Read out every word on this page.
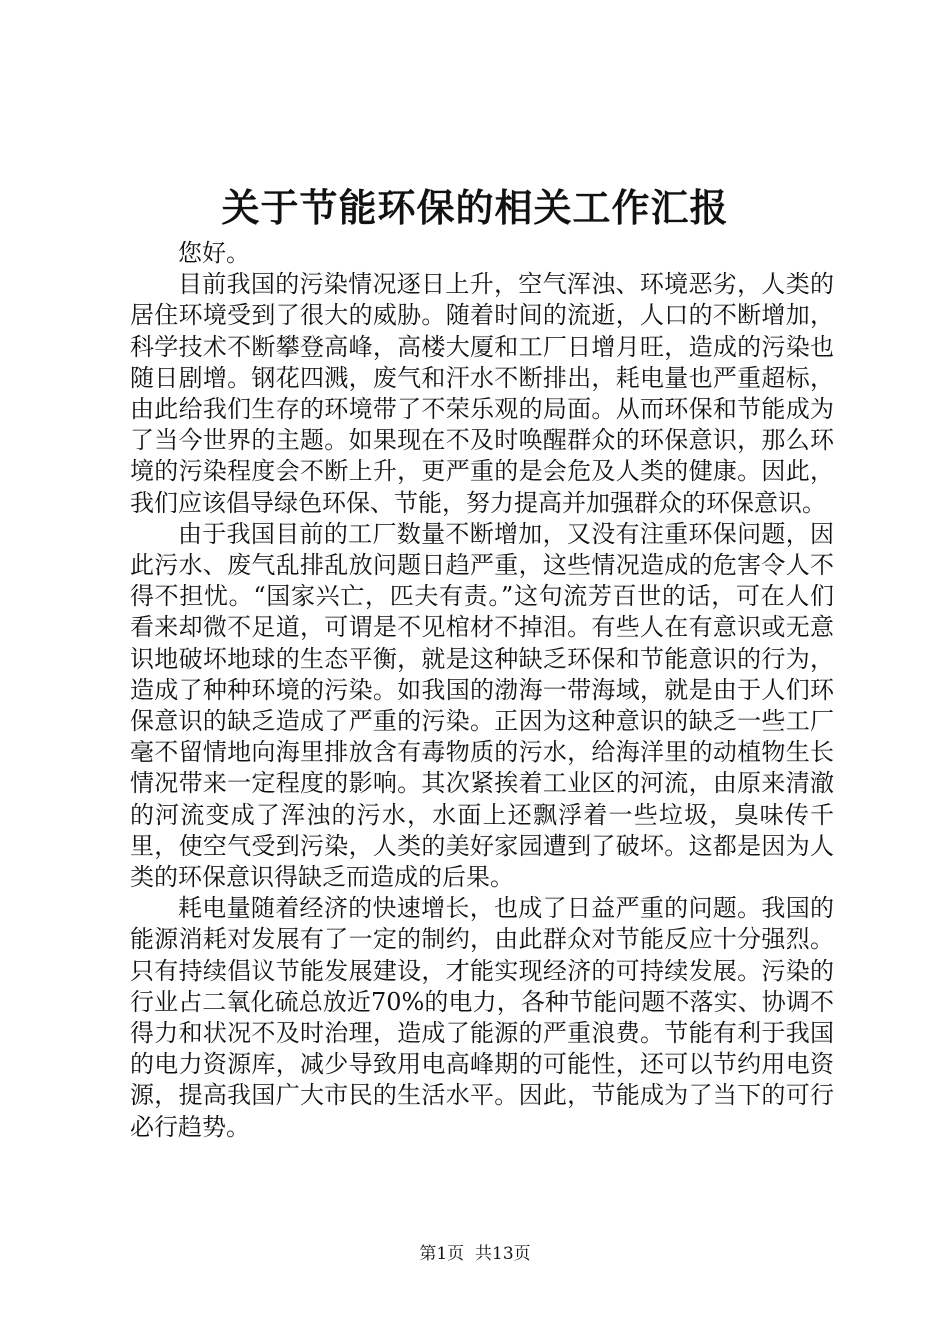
关于节能环保的相关工作汇报

您好。

目前我国的污染情况逐日上升，空气浑浊、环境恶劣，人类的居住环境受到了很大的威胁。随着时间的流逝，人口的不断增加，科学技术不断攀登高峰，高楼大厦和工厂日增月旺，造成的污染也随日剧增。钢花四溅，废气和汗水不断排出，耗电量也严重超标，由此给我们生存的环境带了不荣乐观的局面。从而环保和节能成为了当今世界的主题。如果现在不及时唤醒群众的环保意识，那么环境的污染程度会不断上升，更严重的是会危及人类的健康。因此，我们应该倡导绿色环保、节能，努力提高并加强群众的环保意识。

由于我国目前的工厂数量不断增加，又没有注重环保问题，因此污水、废气乱排乱放问题日趋严重，这些情况造成的危害令人不得不担忧。“国家兴亡，匹夫有责。”这句流芳百世的话，可在人们看来却微不足道，可谓是不见棺材不掉泪。有些人在有意识或无意识地破坏地球的生态平衡，就是这种缺乏环保和节能意识的行为，造成了种种环境的污染。如我国的渤海一带海域，就是由于人们环保意识的缺乏造成了严重的污染。正因为这种意识的缺乏一些工厂毫不留情地向海里排放含有毒物质的污水，给海洋里的动植物生长情况带来一定程度的影响。其次紧挨着工业区的河流，由原来清澈的河流变成了浑浊的污水，水面上还飘浮着一些垃圾，臭味传千里，使空气受到污染，人类的美好家园遭到了破坏。这都是因为人类的环保意识得缺乏而造成的后果。

耗电量随着经济的快速增长，也成了日益严重的问题。我国的能源消耗对发展有了一定的制约，由此群众对节能反应十分强烈。只有持续倡议节能发展建设，才能实现经济的可持续发展。污染的行业占二氧化硫总放近70%的电力，各种节能问题不落实、协调不得力和状况不及时治理，造成了能源的严重浪费。节能有利于我国的电力资源库，减少导致用电高峰期的可能性，还可以节约用电资源，提高我国广大市民的生活水平。因此，节能成为了当下的可行必行趋势。

第1页 共13页
